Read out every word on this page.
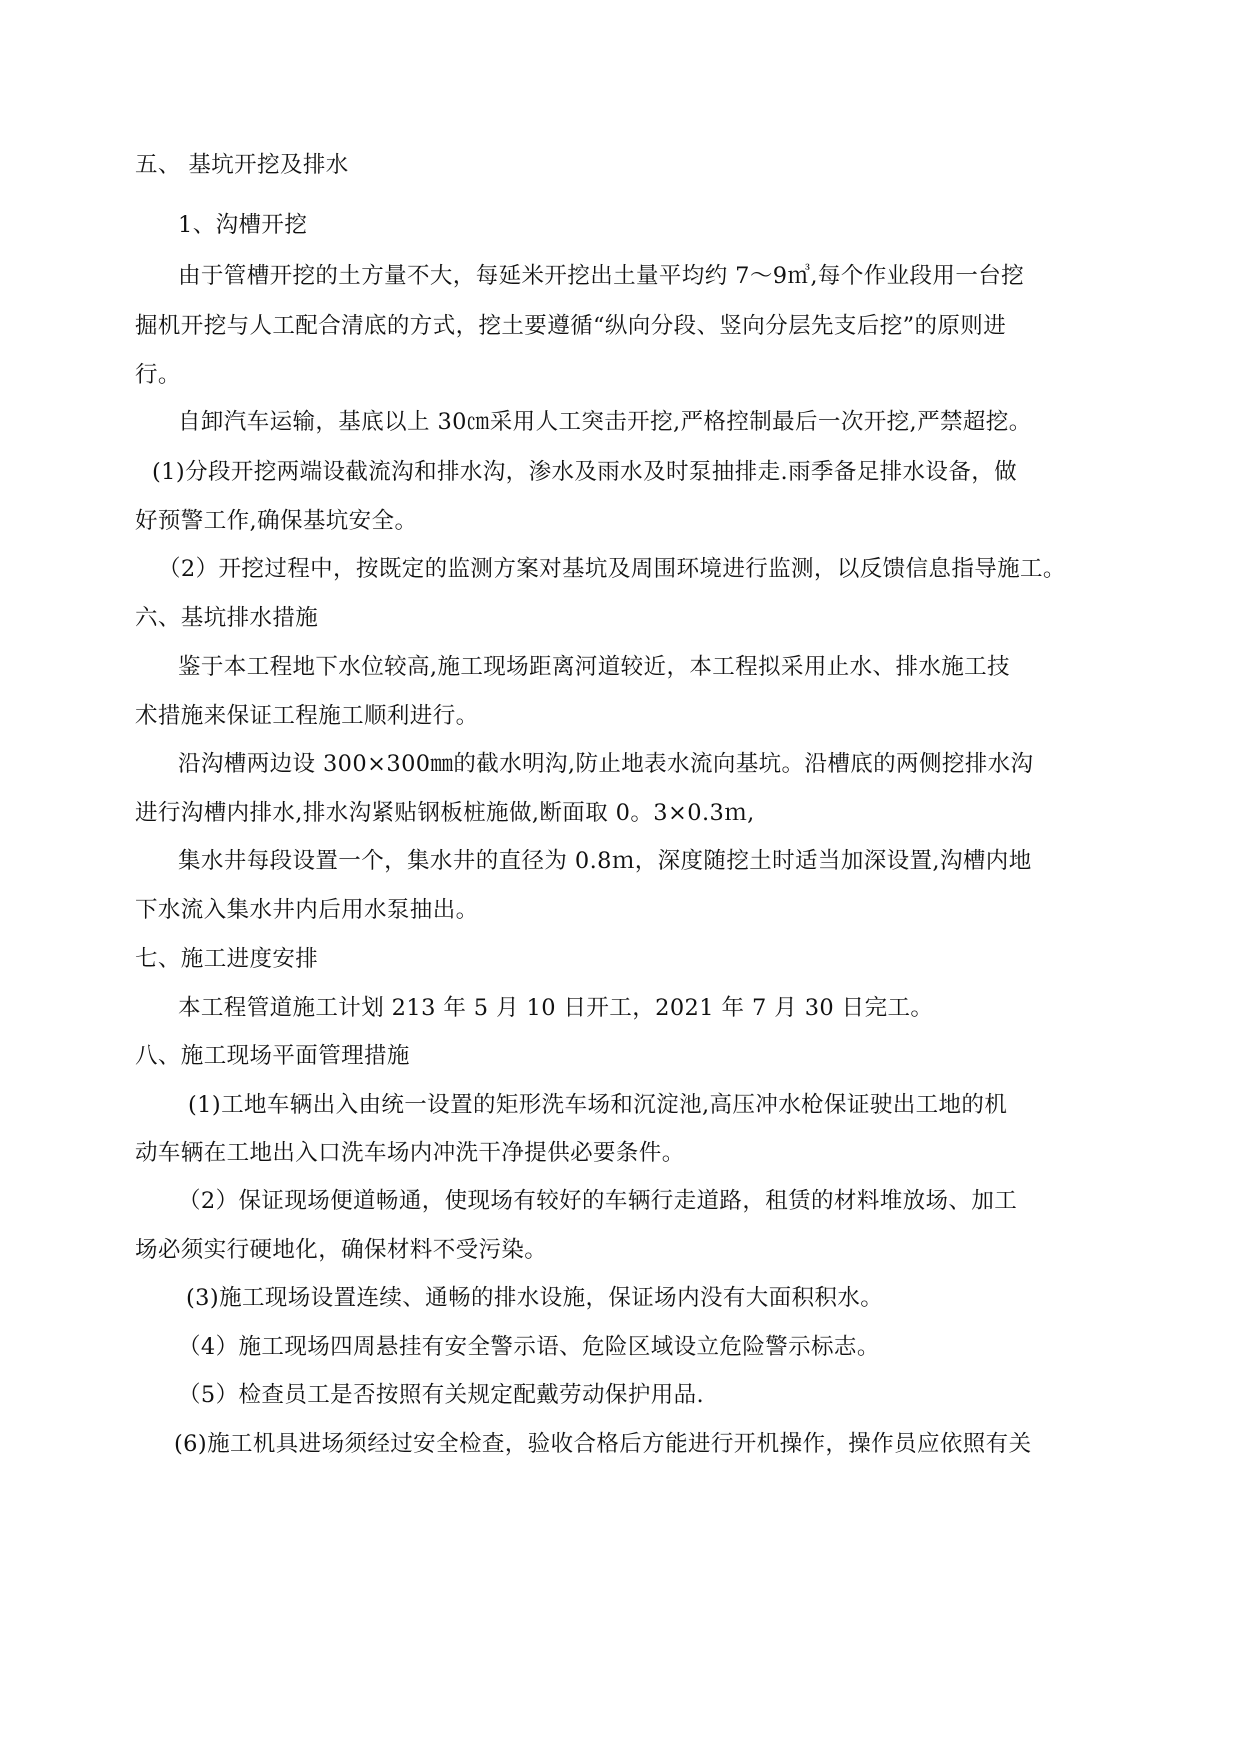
五、 基坑开挖及排水
1、沟槽开挖
由于管槽开挖的土方量不大，每延米开挖出土量平均约 7～9㎥,每个作业段用一台挖
掘机开挖与人工配合清底的方式，挖土要遵循“纵向分段、竖向分层先支后挖”的原则进
行。
自卸汽车运输，基底以上 30㎝采用人工突击开挖,严格控制最后一次开挖,严禁超挖。
(1)分段开挖两端设截流沟和排水沟，渗水及雨水及时泵抽排走.雨季备足排水设备，做
好预警工作,确保基坑安全。
（2）开挖过程中，按既定的监测方案对基坑及周围环境进行监测，以反馈信息指导施工。
六、基坑排水措施
鉴于本工程地下水位较高,施工现场距离河道较近，本工程拟采用止水、排水施工技
术措施来保证工程施工顺利进行。
沿沟槽两边设 300×300㎜的截水明沟,防止地表水流向基坑。沿槽底的两侧挖排水沟
进行沟槽内排水,排水沟紧贴钢板桩施做,断面取 0。3×0.3ｍ,
集水井每段设置一个，集水井的直径为 0.8ｍ，深度随挖土时适当加深设置,沟槽内地
下水流入集水井内后用水泵抽出。
七、施工进度安排
本工程管道施工计划 213 年 5 月 10 日开工，2021 年 7 月 30 日完工。
八、施工现场平面管理措施
(1)工地车辆出入由统一设置的矩形洗车场和沉淀池,高压冲水枪保证驶出工地的机
动车辆在工地出入口洗车场内冲洗干净提供必要条件。
（2）保证现场便道畅通，使现场有较好的车辆行走道路，租赁的材料堆放场、加工
场必须实行硬地化，确保材料不受污染。
(3)施工现场设置连续、通畅的排水设施，保证场内没有大面积积水。
（4）施工现场四周悬挂有安全警示语、危险区域设立危险警示标志。
（5）检查员工是否按照有关规定配戴劳动保护用品.
(6)施工机具进场须经过安全检查，验收合格后方能进行开机操作，操作员应依照有关
